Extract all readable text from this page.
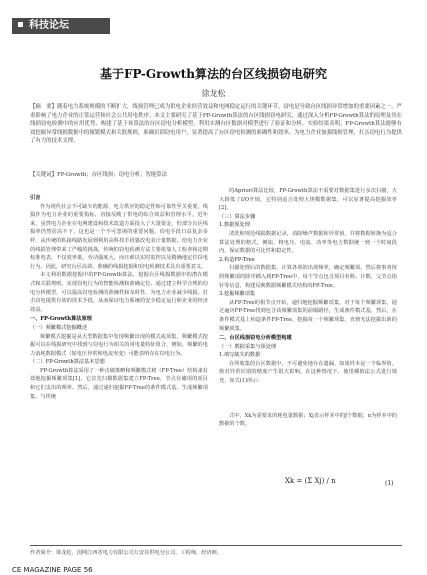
科技论坛
基于FP-Growth算法的台区线损窃电研究
徐龙松
【摘　要】随着电力系统规模的不断扩大，线损管理已成为供电企业经营效益和电网稳定运行的关键环节。窃电是导致台区线损异常增加的重要因素之一，严重影响了电力企业的正常运营和社会公共用电秩序。本文主要研究了基于FP-Growth算法的台区线损窃电研究，通过深入分析FP-Growth算法的原理及其在线损窃电检测中的应用优势，构建了基于该算法的台区窃电分析模型。利用实测台区数据对模型进行了验证和分析，实验结果表明，FP-Growth算法能够有效挖掘异常线损数据中的频繁模式和关联规则，准确识别窃电用户，显著提高了台区窃电检测的准确性和效率，为电力企业加强线损管理，打击窃电行为提供了有力的技术支撑。
【关键词】FP-Growth；台区线损；窃电分析；智能算法

引言

作为现代社会不可缺少的能源，电力供应的稳定性和可靠性至关重要。线损作为电力企业的重要指标，直接反映了供电的综合效益和管理水平。近年来，虽然电力企业在电网建设和技术改造方面投入了大量资金，但部分台区线损率仍然居高不下，这也是一个不可忽视的重要问题。窃电手段日益复杂多样，从传统的私接线路发展到利用高科技手段篡改电表计量数据，给电力企业的线损管理带来了严峻的挑战。传统的窃电检测方法主要依靠人工检查和定期校准电表，不仅效率低，劳动强度大，而且难以实时监控以及精确地定位窃电行为。因此，研究台区高效、准确的线损挖掘和窃电检测技术具有重要意义。

本文利用数据挖掘中的FP-Growth算法，挖掘台区线损数据中的潜在模式和关联规则，实现窃电行为的智能检测和准确定位。通过建立科学合理的窃电分析模型，可以提高窃电检测的准确性和及时性，为电力企业减少线损、打击窃电提供有效的技术手段，从而保证电力系统的安全稳定运行和企业的经济效益。

一、FP-Growth算法原理

（一）频繁模式挖掘概述

频繁模式挖掘是从大型数据集中发现频繁出现的模式或项集，频繁模式挖掘可以在线损研究中找到与窃电行为相关的用电量特征组合，例如，频繁的电力消耗数据模式（如电压异常和电流突变）可能表明存在窃电行为。

（二）FP-Growth算法基本思想

FP-Growth算法采用了一种击破策略和频繁模式树（FP-Tree）结构来有效地挖掘频繁项集[1]，它首先扫描数据集建立FP-Tree，节点存储项的项目和它们支出的频率。然后，通过递归挖掘FP-Tree的条件模式基，生成频繁项集。与传统

的Apriori算法比较，FP-Growth算法不需要对数据集进行多次扫描，大大降低了I/O开销，它特别适合处理大规模数据集，可以显著提高挖掘效率[2]。

（三）算法步骤

1.数据预处理

清洗和规范线损数据记录，消除噪声数据和异常值，并将数据转换为适合算法处理的格式。例如，将电压、电流、功率等电力数据统一到一个时间段内，保证数据的可比性和稳定性。

2.构造FP-Tree

扫描处理后的数据集，计算各项的出现频率，确定频繁项。然后将事务按照频繁项的降序插入到FP-Tree中，每个节点包含项目名称、计数，父节点指针等信息，构建反映数据频繁模式结构的FP-Tree。

3.挖掘频繁项集

从FP-Tree的根节点开始，递归地挖掘频繁项集。对于每个频繁项集，通过遍历FP-Tree找到包含该频繁项集的前缀路径，生成条件模式基，然后，在条件模式基上构造条件FP-Tree，挖掘每一个频繁项集，直到无法挖掘出新的频繁项集。

二、台区线损窃电分析模型构建

（一）数据采集与预处理

1.填写缺失的数据

在所收集的台区数据中，不可避免地存在遗漏。如果样本是一个临界值，将对异常识别的精度产生很大影响。在这种情况下，使用插值法公式进行填充，如式(1)所示：

式中，Xk为需要求的耗电量数据；Xj表示样本中的J个数据；n为样本中的数据的个数。

Xk = (Σ Xj) / n	(1)
作者简介：徐龙松，国网江西省电力有限公司万安县供电分公司，工程师，经济师。
CE MAGAZINE PAGE 56
